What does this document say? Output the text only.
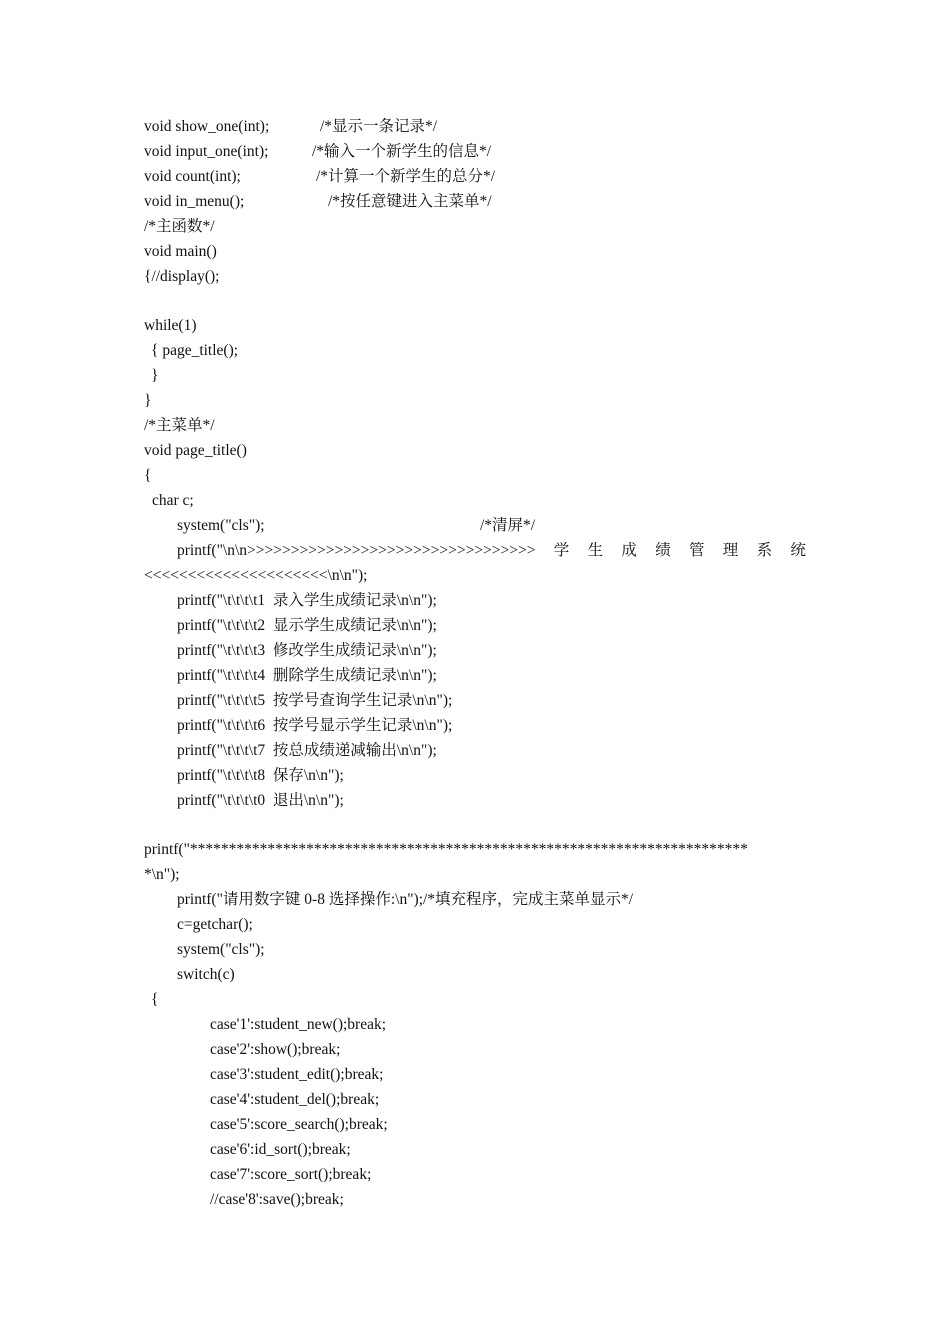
void show_one(int);	/*显示一条记录*/
void input_one(int);	/*输入一个新学生的信息*/
void count(int);	/*计算一个新学生的总分*/
void in_menu();	/*按任意键进入主菜单*/
/*主函数*/
void main()
{//display();
while(1)
{ page_title();
}
}
/*主菜单*/
void page_title()
{
char c;
system("cls");	/*清屏*/
printf("\n\n>>>>>>>>>>>>>>>>>>>>>>>>>>>>>>>>> 学 生 成 绩 管 理 系 统
<<<<<<<<<<<<<<<<<<<<<\n\n");
printf("\t\t\t\t1  录入学生成绩记录\n\n");
printf("\t\t\t\t2  显示学生成绩记录\n\n");
printf("\t\t\t\t3  修改学生成绩记录\n\n");
printf("\t\t\t\t4  删除学生成绩记录\n\n");
printf("\t\t\t\t5  按学号查询学生记录\n\n");
printf("\t\t\t\t6  按学号显示学生记录\n\n");
printf("\t\t\t\t7  按总成绩递减输出\n\n");
printf("\t\t\t\t8  保存\n\n");
printf("\t\t\t\t0  退出\n\n");
printf("************************************************************************
*\n");
printf("请用数字键 0-8 选择操作:\n");/*填充程序，完成主菜单显示*/
c=getchar();
system("cls");
switch(c)
{
case'1':student_new();break;
case'2':show();break;
case'3':student_edit();break;
case'4':student_del();break;
case'5':score_search();break;
case'6':id_sort();break;
case'7':score_sort();break;
//case'8':save();break;
